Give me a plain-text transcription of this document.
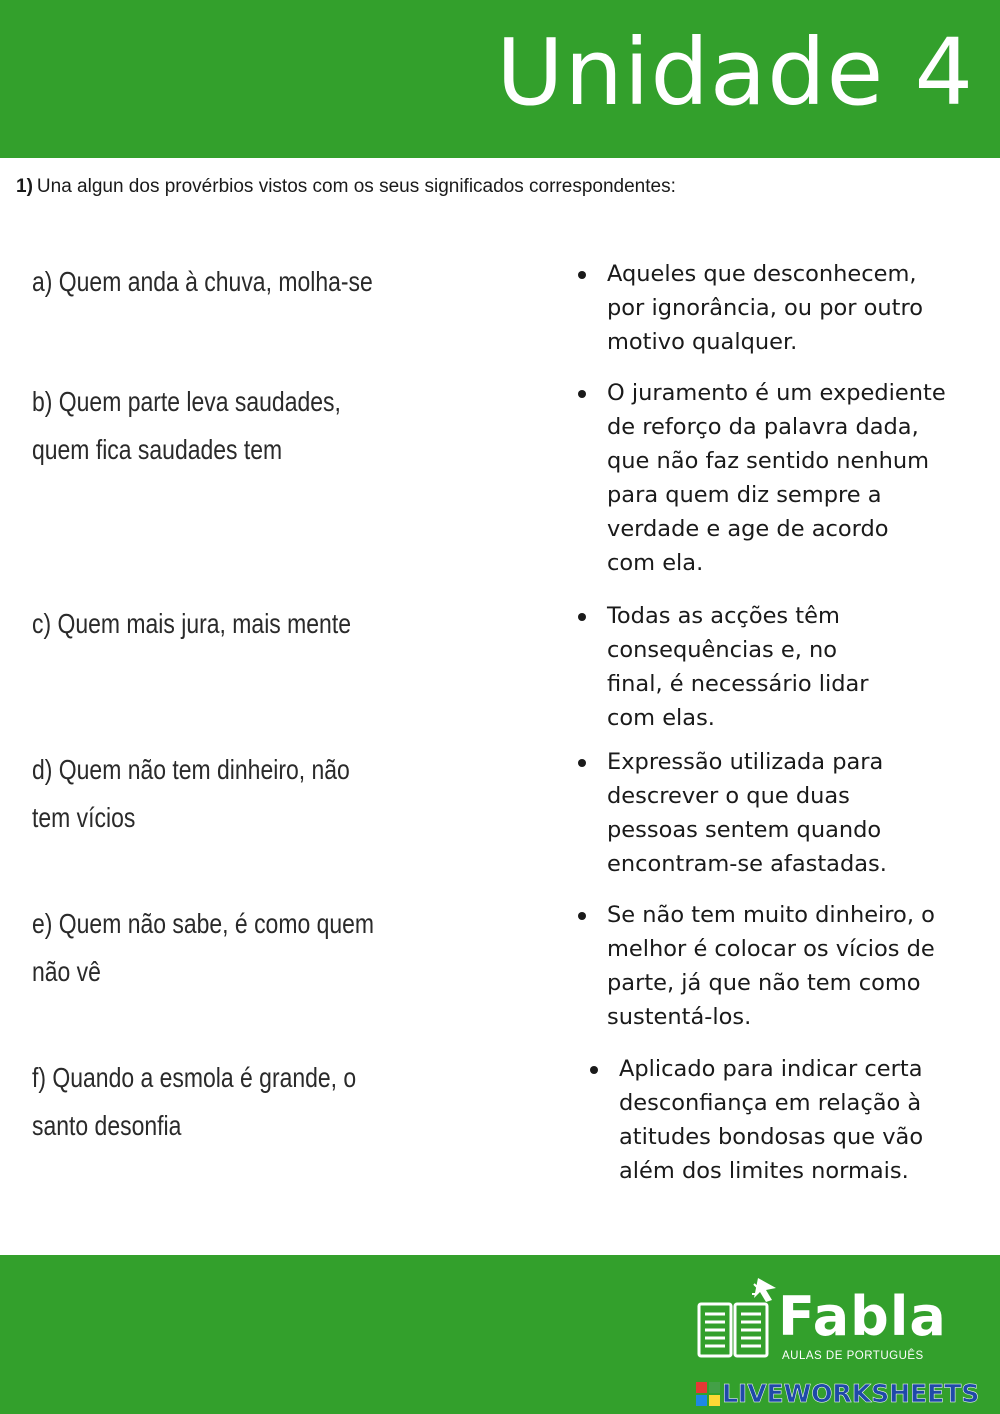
Unidade 4

1) Una algun dos provérbios vistos com os seus significados correspondentes:

a) Quem anda à chuva, molha-se
b) Quem parte leva saudades,
quem fica saudades tem
c) Quem mais jura, mais mente
d) Quem não tem dinheiro, não
tem vícios
e) Quem não sabe, é como quem
não vê
f) Quando a esmola é grande, o
santo desonfia
Aqueles que desconhecem,
por ignorância, ou por outro
motivo qualquer.
O juramento é um expediente
de reforço da palavra dada,
que não faz sentido nenhum
para quem diz sempre a
verdade e age de acordo
com ela.
Todas as acções têm
consequências e, no
final, é necessário lidar
com elas.
Expressão utilizada para
descrever o que duas
pessoas sentem quando
encontram-se afastadas.
Se não tem muito dinheiro, o
melhor é colocar os vícios de
parte, já que não tem como
sustentá-los.
Aplicado para indicar certa
desconfiança em relação à
atitudes bondosas que vão
além dos limites normais.
Fabla
AULAS DE PORTUGUÊS
LIVEWORKSHEETS
